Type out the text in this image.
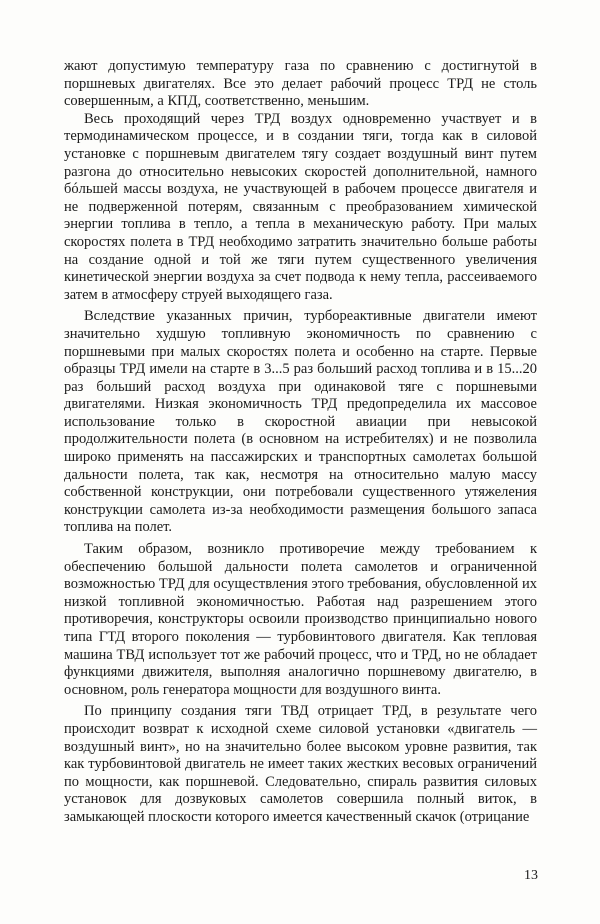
жают допустимую температуру газа по сравнению с достигнутой в поршневых двигателях. Все это делает рабочий процесс ТРД не столь совершенным, а КПД, соответственно, меньшим.

Весь проходящий через ТРД воздух одновременно участвует и в термодинамическом процессе, и в создании тяги, тогда как в силовой установке с поршневым двигателем тягу создает воздушный винт путем разгона до относительно невысоких скоростей дополнительной, намного бóльшей массы воздуха, не участвующей в рабочем процессе двигателя и не подверженной потерям, связанным с преобразованием химической энергии топлива в тепло, а тепла в механическую работу. При малых скоростях полета в ТРД необходимо затратить значительно больше работы на создание одной и той же тяги путем существенного увеличения кинетической энергии воздуха за счет подвода к нему тепла, рассеиваемого затем в атмосферу струей выходящего газа.

Вследствие указанных причин, турбореактивные двигатели имеют значительно худшую топливную экономичность по сравнению с поршневыми при малых скоростях полета и особенно на старте. Первые образцы ТРД имели на старте в 3...5 раз больший расход топлива и в 15...20 раз больший расход воздуха при одинаковой тяге с поршневыми двигателями. Низкая экономичность ТРД предопределила их массовое использование только в скоростной авиации при невысокой продолжительности полета (в основном на истребителях) и не позволила широко применять на пассажирских и транспортных самолетах большой дальности полета, так как, несмотря на относительно малую массу собственной конструкции, они потребовали существенного утяжеления конструкции самолета из-за необходимости размещения большого запаса топлива на полет.

Таким образом, возникло противоречие между требованием к обеспечению большой дальности полета самолетов и ограниченной возможностью ТРД для осуществления этого требования, обусловленной их низкой топливной экономичностью. Работая над разрешением этого противоречия, конструкторы освоили производство принципиально нового типа ГТД второго поколения — турбовинтового двигателя. Как тепловая машина ТВД использует тот же рабочий процесс, что и ТРД, но не обладает функциями движителя, выполняя аналогично поршневому двигателю, в основном, роль генератора мощности для воздушного винта.

По принципу создания тяги ТВД отрицает ТРД, в результате чего происходит возврат к исходной схеме силовой установки «двигатель — воздушный винт», но на значительно более высоком уровне развития, так как турбовинтовой двигатель не имеет таких жестких весовых ограничений по мощности, как поршневой. Следовательно, спираль развития силовых установок для дозвуковых самолетов совершила полный виток, в замыкающей плоскости которого имеется качественный скачок (отрицание

13
